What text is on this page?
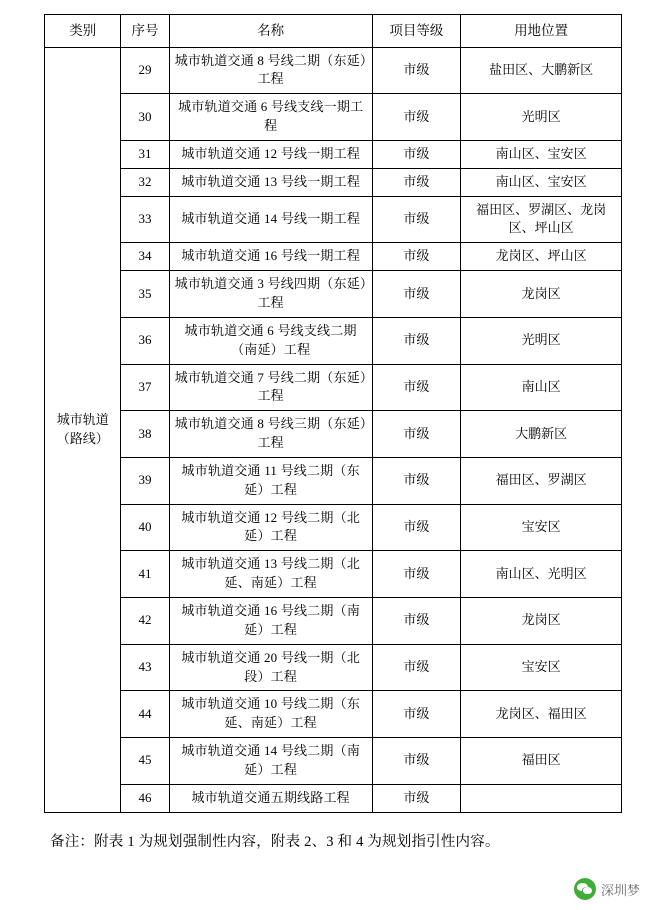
类别	序号	名称	项目等级	用地位置

城市轨道
（路线）	29	城市轨道交通 8 号线二期（东延）工程	市级	盐田区、大鹏新区
	30	城市轨道交通 6 号线支线一期工程	市级	光明区
	31	城市轨道交通 12 号线一期工程	市级	南山区、宝安区
	32	城市轨道交通 13 号线一期工程	市级	南山区、宝安区
	33	城市轨道交通 14 号线一期工程	市级	福田区、罗湖区、龙岗区、坪山区
	34	城市轨道交通 16 号线一期工程	市级	龙岗区、坪山区
	35	城市轨道交通 3 号线四期（东延）工程	市级	龙岗区
	36	城市轨道交通 6 号线支线二期（南延）工程	市级	光明区
	37	城市轨道交通 7 号线二期（东延）工程	市级	南山区
	38	城市轨道交通 8 号线三期（东延）工程	市级	大鹏新区
	39	城市轨道交通 11 号线二期（东延）工程	市级	福田区、罗湖区
	40	城市轨道交通 12 号线二期（北延）工程	市级	宝安区
	41	城市轨道交通 13 号线二期（北延、南延）工程	市级	南山区、光明区
	42	城市轨道交通 16 号线二期（南延）工程	市级	龙岗区
	43	城市轨道交通 20 号线一期（北段）工程	市级	宝安区
	44	城市轨道交通 10 号线二期（东延、南延）工程	市级	龙岗区、福田区
	45	城市轨道交通 14 号线二期（南延）工程	市级	福田区
	46	城市轨道交通五期线路工程	市级	
备注：附表 1 为规划强制性内容，附表 2、3 和 4 为规划指引性内容。
深圳梦
